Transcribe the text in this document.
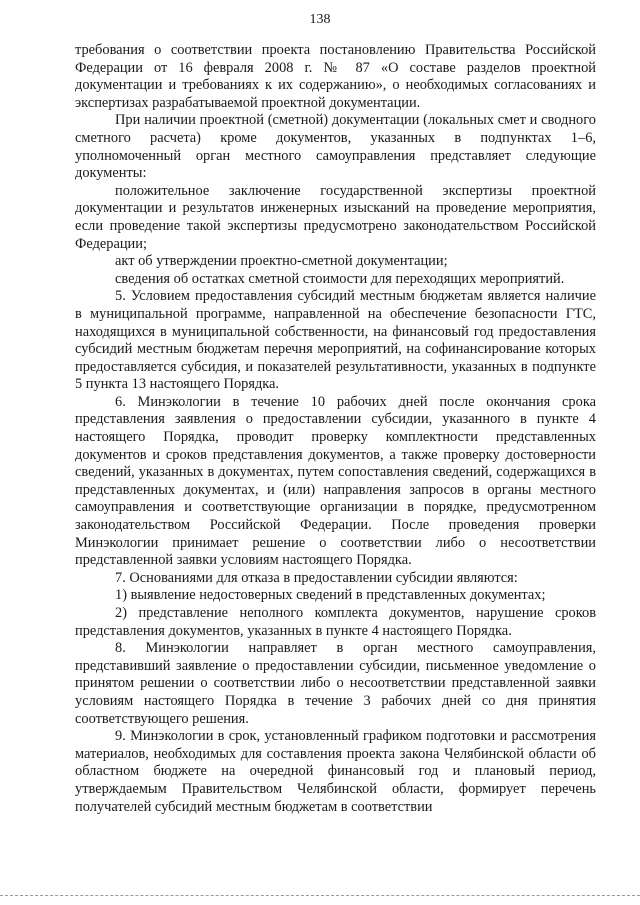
138

требования о соответствии проекта постановлению Правительства Российской Федерации от 16 февраля 2008 г. № 87 «О составе разделов проектной документации и требованиях к их содержанию», о необходимых согласованиях и экспертизах разрабатываемой проектной документации.

При наличии проектной (сметной) документации (локальных смет и сводного сметного расчета) кроме документов, указанных в подпунктах 1–6, уполномоченный орган местного самоуправления представляет следующие документы:

положительное заключение государственной экспертизы проектной документации и результатов инженерных изысканий на проведение мероприятия, если проведение такой экспертизы предусмотрено законодательством Российской Федерации;

акт об утверждении проектно-сметной документации;

сведения об остатках сметной стоимости для переходящих мероприятий.

5. Условием предоставления субсидий местным бюджетам является наличие в муниципальной программе, направленной на обеспечение безопасности ГТС, находящихся в муниципальной собственности, на финансовый год предоставления субсидий местным бюджетам перечня мероприятий, на софинансирование которых предоставляется субсидия, и показателей результативности, указанных в подпункте 5 пункта 13 настоящего Порядка.

6. Минэкологии в течение 10 рабочих дней после окончания срока представления заявления о предоставлении субсидии, указанного в пункте 4 настоящего Порядка, проводит проверку комплектности представленных документов и сроков представления документов, а также проверку достоверности сведений, указанных в документах, путем сопоставления сведений, содержащихся в представленных документах, и (или) направления запросов в органы местного самоуправления и соответствующие организации в порядке, предусмотренном законодательством Российской Федерации. После проведения проверки Минэкологии принимает решение о соответствии либо о несоответствии представленной заявки условиям настоящего Порядка.

7. Основаниями для отказа в предоставлении субсидии являются:

1) выявление недостоверных сведений в представленных документах;

2) представление неполного комплекта документов, нарушение сроков представления документов, указанных в пункте 4 настоящего Порядка.

8. Минэкологии направляет в орган местного самоуправления, представивший заявление о предоставлении субсидии, письменное уведомление о принятом решении о соответствии либо о несоответствии представленной заявки условиям настоящего Порядка в течение 3 рабочих дней со дня принятия соответствующего решения.

9. Минэкологии в срок, установленный графиком подготовки и рассмотрения материалов, необходимых для составления проекта закона Челябинской области об областном бюджете на очередной финансовый год и плановый период, утверждаемым Правительством Челябинской области, формирует перечень получателей субсидий местным бюджетам в соответствии
